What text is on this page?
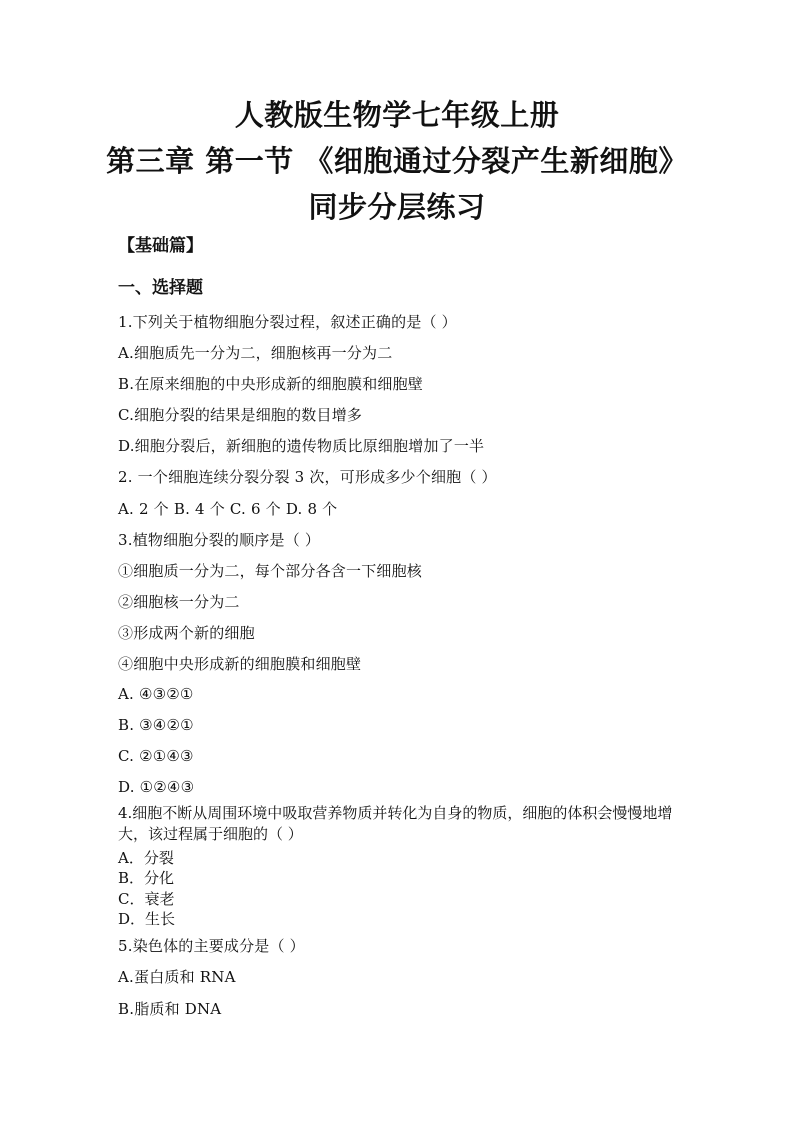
人教版生物学七年级上册
第三章 第一节 《细胞通过分裂产生新细胞》
同步分层练习
【基础篇】
一、选择题
1.下列关于植物细胞分裂过程，叙述正确的是（ ）
A.细胞质先一分为二，细胞核再一分为二
B.在原来细胞的中央形成新的细胞膜和细胞壁
C.细胞分裂的结果是细胞的数目增多
D.细胞分裂后，新细胞的遗传物质比原细胞增加了一半
2. 一个细胞连续分裂分裂 3 次，可形成多少个细胞（ ）
A. 2 个 B. 4 个 C. 6 个 D. 8 个
3.植物细胞分裂的顺序是（ ）
①细胞质一分为二，每个部分各含一下细胞核
②细胞核一分为二
③形成两个新的细胞
④细胞中央形成新的细胞膜和细胞壁
A. ④③②①
B. ③④②①
C. ②①④③
D. ①②④③
4.细胞不断从周围环境中吸取营养物质并转化为自身的物质，细胞的体积会慢慢地增大，该过程属于细胞的（ ）
A．分裂
B．分化
C．衰老
D．生长
5.染色体的主要成分是（ ）
A.蛋白质和 RNA
B.脂质和 DNA
